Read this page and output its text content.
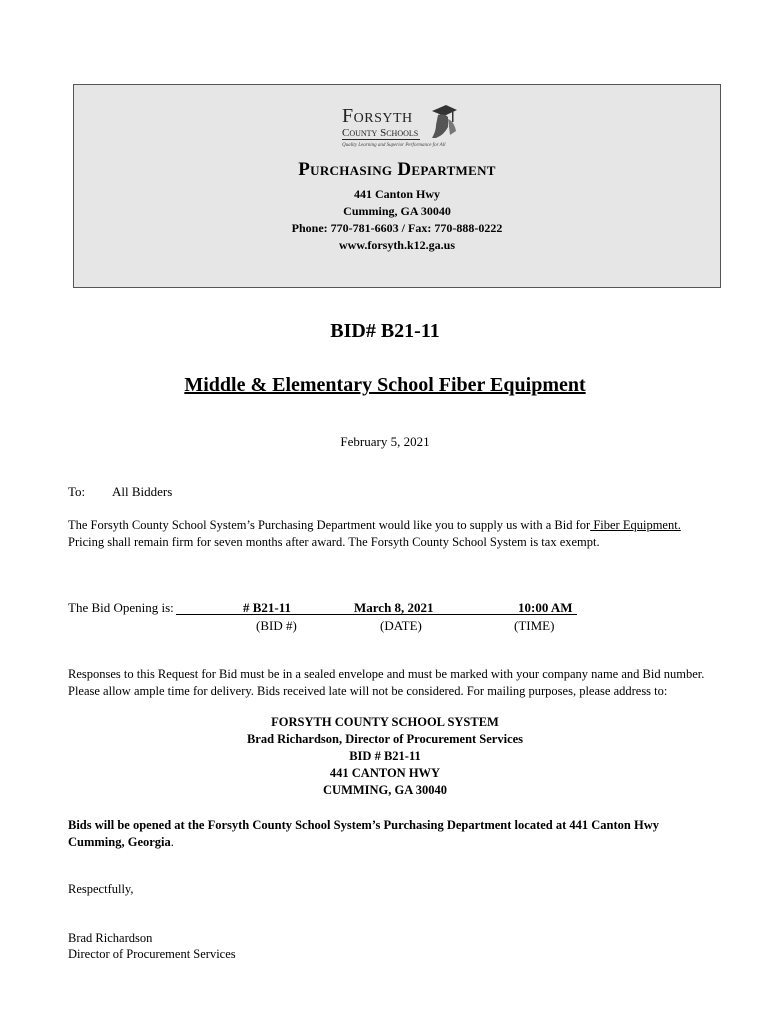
Forsyth
County Schools
Quality Learning and Superior Performance for All
Purchasing Department
441 Canton Hwy
Cumming, GA 30040
Phone: 770-781-6603 / Fax: 770-888-0222
www.forsyth.k12.ga.us
BID# B21-11
Middle & Elementary School Fiber Equipment
February 5, 2021
To: All Bidders
The Forsyth County School System’s Purchasing Department would like you to supply us with a Bid for Fiber Equipment. Pricing shall remain firm for seven months after award. The Forsyth County School System is tax exempt.
The Bid Opening is:	# B21-11	March 8, 2021	10:00 AM
(BID #)	(DATE)	(TIME)
Responses to this Request for Bid must be in a sealed envelope and must be marked with your company name and Bid number. Please allow ample time for delivery. Bids received late will not be considered. For mailing purposes, please address to:
FORSYTH COUNTY SCHOOL SYSTEM
Brad Richardson, Director of Procurement Services
BID # B21-11
441 CANTON HWY
CUMMING, GA 30040
Bids will be opened at the Forsyth County School System’s Purchasing Department located at 441 Canton Hwy Cumming, Georgia.
Respectfully,
Brad Richardson
Director of Procurement Services
